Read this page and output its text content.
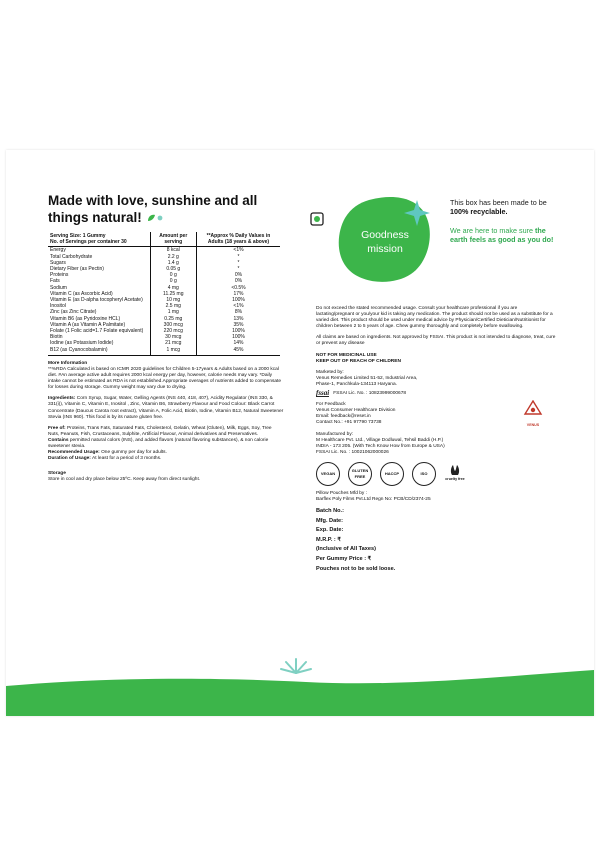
Made with love, sunshine and all things natural!

Serving Size: 1 Gummy
No. of Servings per container 30	Amount per serving	**Approx % Daily Values in Adults (18 years & above)
Energy	8 kcal	<1%
Total Carbohydrate	2.2 g	*
Sugars	1.4 g	*
Dietary Fiber (as Pectin)	0.05 g	*
Proteins	0 g	0%
Fats	0 g	0%
Sodium	4 mg	<0.5%
Vitamin C (as Ascorbic Acid)	11.25 mg	17%
Vitamin E (as D-alpha tocopheryl Acetate)	10 mg	100%
Inositol	2.5 mg	<1%
Zinc (as Zinc Citrate)	1 mg	8%
Vitamin B6 (as Pyridoxine HCL)	0.25 mg	13%
Vitamin A (as Vitamin A Palmitate)	300 mcg	35%
Folate (1 Folic acid=1.7 Folate equivalent)	220 mcg	100%
Biotin	30 mcg	100%
Iodine (as Potassium Iodide)	21 mcg	14%
B12 (as Cyanocobalamin)	1 mcg	45%

More Information

**%RDA Calculated is based on ICMR 2020 guidelines for Children 5-17years & Adults based on a 2000 kcal diet. #An average active adult requires 2000 kcal energy per day, however, calorie needs may vary. *Daily intake cannot be estimated as RDA is not established.Appropriate overages of nutrients added to compensate for losses during storage. Gummy weight may vary due to drying.

Ingredients: Corn Syrup, Sugar, Water, Gelling Agents (INS 440, 418, 407), Acidity Regulator (INS 330, & 331(i)), Vitamin C, Vitamin E, Inositol , Zinc, Vitamin B6, Strawberry Flavour and Food Colour: Black Carrot Concentrate (Daucus Carota root extract), Vitamin A, Folic Acid, Biotin, Iodine, Vitamin B12, Natural Sweetener Stevia (INS 960). This food is by its nature gluten free.

Free of: Proteins, Trans Fats, Saturated Fats, Cholesterol, Gelatin, Wheat (Gluten), Milk, Eggs, Soy, Tree Nuts, Peanuts, Fish, Crustaceans, Sulphite, Artificial Flavour, Animal derivatives and Preservatives.

Contains permitted natural colors (INS), and added flavors (natural flavoring substances), & non calorie sweetener stevia.

Recommended Usage: One gummy per day for adults.

Duration of Usage: At least for a period of 3 months.

Storage

Store in cool and dry place below 25ºC. Keep away from direct sunlight.

Goodness
mission

This box has been made to be 100% recyclable.

We are here to make sure the earth feels as good as you do!

Do not exceed the stated recommended usage. Consult your healthcare professional if you are lactating/pregnant or you/your kid is taking any medication. The product should not be used as a substitute for a varied diet. This product should be used under medical advice by Physician/Certified Dietician/Nutritionist for children between 2 to 5 years of age. Chew gummy thoroughly and completely before swallowing.

All claims are based on ingredients. Not approved by FSSAI. This product is not intended to diagnose, treat, cure or prevent any disease

NOT FOR MEDICINAL USE
KEEP OUT OF REACH OF CHILDREN

Marketed by:
Venus Remedies Limited 51-52, Industrial Area,
Phase-1, Panchkula-134113 Haryana.

fssai FSSAI Lic. No. : 10823999000678

For Feedback
Venus Consumer Healthcare Division
Email: feedback@reset.in
Contact No.: +91 97790 73738

Manufactured by:
M Healthcare Pvt. Ltd., Village Dodluwal, Tehsil Baddi (H.P.)
INDIA - 173 205. (With Tech Know How from Europe & USA)
FSSAI Lic. No. : 10021062000026

VEGAN
GLUTEN FREE
HACCP	ISO
cruelty free

Pillow Pouches Mfd by :
Barflex Poly Films Pvt.Ltd Regn No: PCB/CD/2374-25

Batch No.:
Mfg. Date:
Exp. Date:
M.R.P. : ₹
(Inclusive of All Taxes)
Per Gummy Price : ₹
Pouches not to be sold loose.
VENUS
